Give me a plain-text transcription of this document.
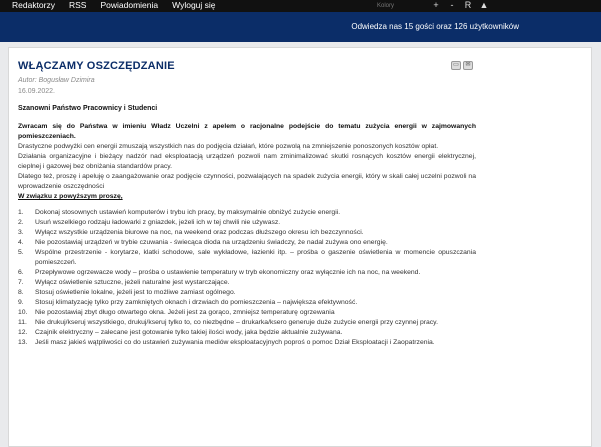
Redaktorzy RSS Powiadomienia Wyloguj się	Kolory	+	-	R ▲
Odwiedza nas 15 gości oraz 126 użytkowników
▭	✉
WŁĄCZAMY OSZCZĘDZANIE
Autor: Bogusław Dzimira
16.09.2022.
Szanowni Państwo Pracownicy i Studenci
Zwracam się do Państwa w imieniu Władz Uczelni z apelem o racjonalne podejście do tematu zużycia energii w zajmowanych pomieszczeniach.
Drastyczne podwyżki cen energii zmuszają wszystkich nas do podjęcia działań, które pozwolą na zmniejszenie ponoszonych kosztów opłat.
Działania organizacyjne i bieżący nadzór nad eksploatacją urządzeń pozwoli nam zminimalizować skutki rosnących kosztów energii elektrycznej, cieplnej i gazowej bez obniżania standardów pracy.
Dlatego też, proszę i apeluję o zaangażowanie oraz podjęcie czynności, pozwalających na spadek zużycia energii, który w skali całej uczelni pozwoli na wprowadzenie oszczędności
W związku z powyższym proszę,
1. Dokonaj stosownych ustawień komputerów i trybu ich pracy, by maksymalnie obniżyć zużycie energii.
2. Usuń wszelkiego rodzaju ładowarki z gniazdek, jeżeli ich w tej chwili nie używasz.
3. Wyłącz wszystkie urządzenia biurowe na noc, na weekend oraz podczas dłuższego okresu ich bezczynności.
4. Nie pozostawiaj urządzeń w trybie czuwania - świecąca dioda na urządzeniu świadczy, że nadal zużywa ono energię.
5. Wspólne przestrzenie - korytarze, klatki schodowe, sale wykładowe, łazienki itp. – prośba o gaszenie oświetlenia w momencie opuszczania pomieszczeń.
6. Przepływowe ogrzewacze wody – prośba o ustawienie temperatury w tryb ekonomiczny oraz wyłącznie ich na noc, na weekend.
7. Wyłącz oświetlenie sztuczne, jeżeli naturalne jest wystarczające.
8. Stosuj oświetlenie lokalne, jeżeli jest to możliwe zamiast ogólnego.
9. Stosuj klimatyzację tylko przy zamkniętych oknach i drzwiach do pomieszczenia – największa efektywność.
10. Nie pozostawiaj zbyt długo otwartego okna. Jeżeli jest za gorąco, zmniejsz temperaturę ogrzewania
11. Nie drukuj/kseruj wszystkiego, drukuj/kseruj tylko to, co niezbędne – drukarka/ksero generuje duże zużycie energii przy czynnej pracy.
12. Czajnik elektryczny – zalecane jest gotowanie tylko takiej ilości wody, jaka będzie aktualnie zużywana.
13. Jeśli masz jakieś wątpliwości co do ustawień zużywania mediów eksploatacyjnych poproś o pomoc Dział Eksploatacji i Zaopatrzenia.
